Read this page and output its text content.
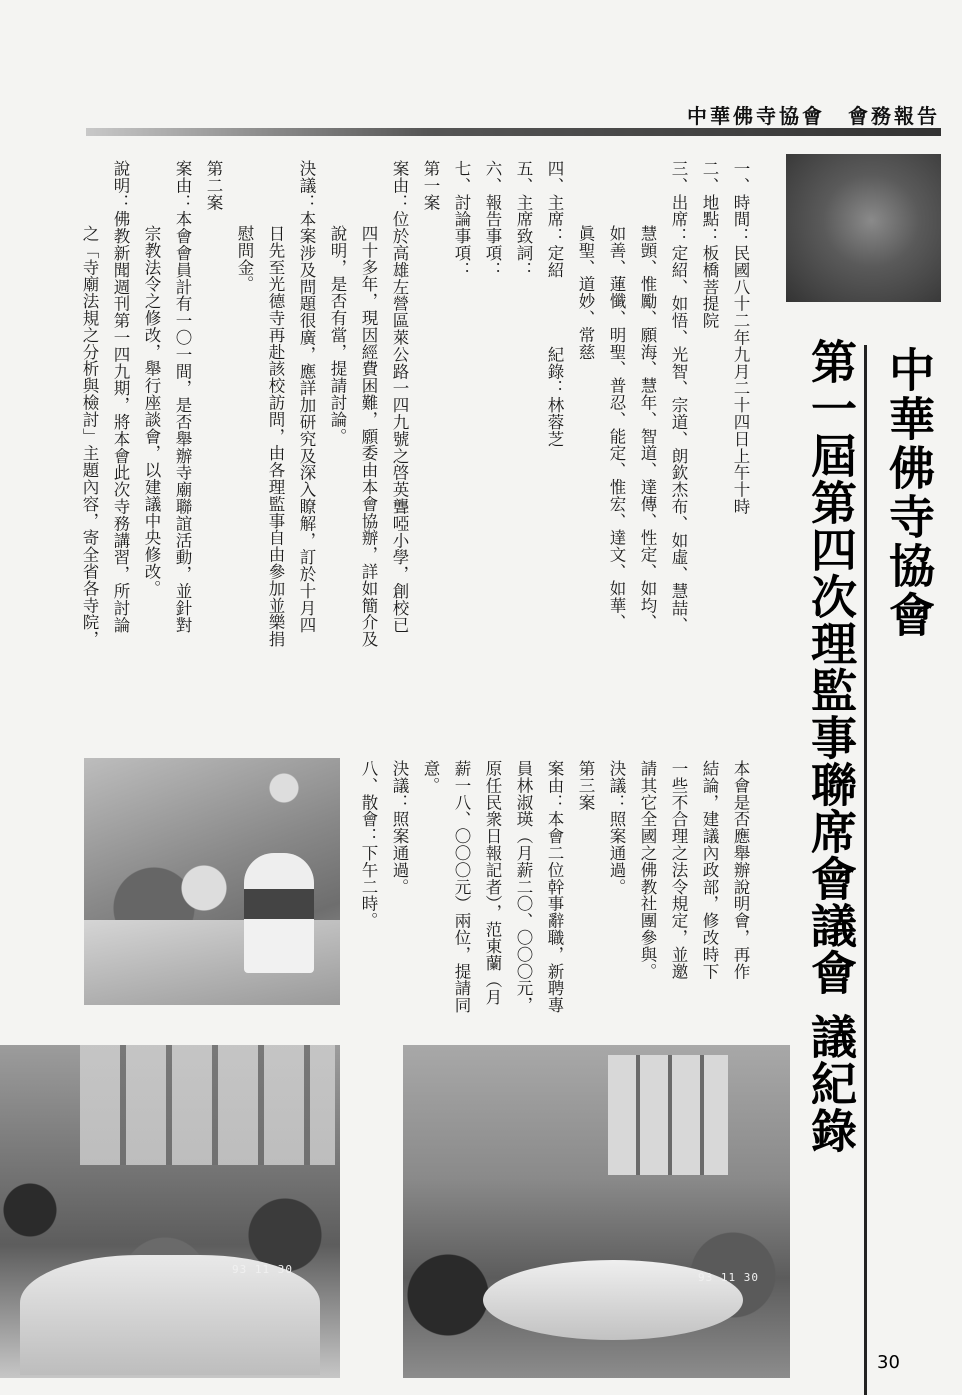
中華佛寺協會　會務報告
中華佛寺協會
第一屆第四次理監事聯席會議會 議紀錄
30
一、時間：民國八十二年九月二十四日上午十時
二、地點：板橋菩提院
三、出席：定紹、如悟、光智、宗道、朗欽杰布、如虛、慧喆、
慧顗、惟勵、願海、慧年、智道、達傳、性定、如均、
如善、蓮懺、明聖、普忍、能定、惟宏、達文、如華、
眞聖、道妙、常慈
四、主席：定紹　　　　紀錄：林蓉芝
五、主席致詞：
六、報告事項：
七、討論事項：
第一案
案由：位於高雄左營區萊公路一四九號之啓英聾啞小學，創校已
四十多年，現因經費困難，願委由本會協辦，詳如簡介及
說明，是否有當，提請討論。
決議：本案涉及問題很廣，應詳加研究及深入瞭解，訂於十月四
日先至光德寺再赴該校訪問，由各理監事自由參加並樂捐
慰問金。
第二案
案由：本會會員計有一〇一間，是否舉辦寺廟聯誼活動，並針對
宗教法令之修改，舉行座談會，以建議中央修改。
說明：佛教新聞週刊第一四九期，將本會此次寺務講習，所討論
之「寺廟法規之分析與檢討」主題內容，寄全省各寺院，
本會是否應舉辦說明會，再作
結論，建議內政部，修改時下
一些不合理之法令規定，並邀
請其它全國之佛教社團參與。
決議：照案通過。
第三案
案由：本會二位幹事辭職，新聘專
員林淑瑛（月薪二〇、〇〇〇元，
原任民衆日報記者），范東蘭（月
薪一八、〇〇〇元）兩位，提請同
意。
決議：照案通過。
八、散會：下午二時。
93 11 30
93 11 30
